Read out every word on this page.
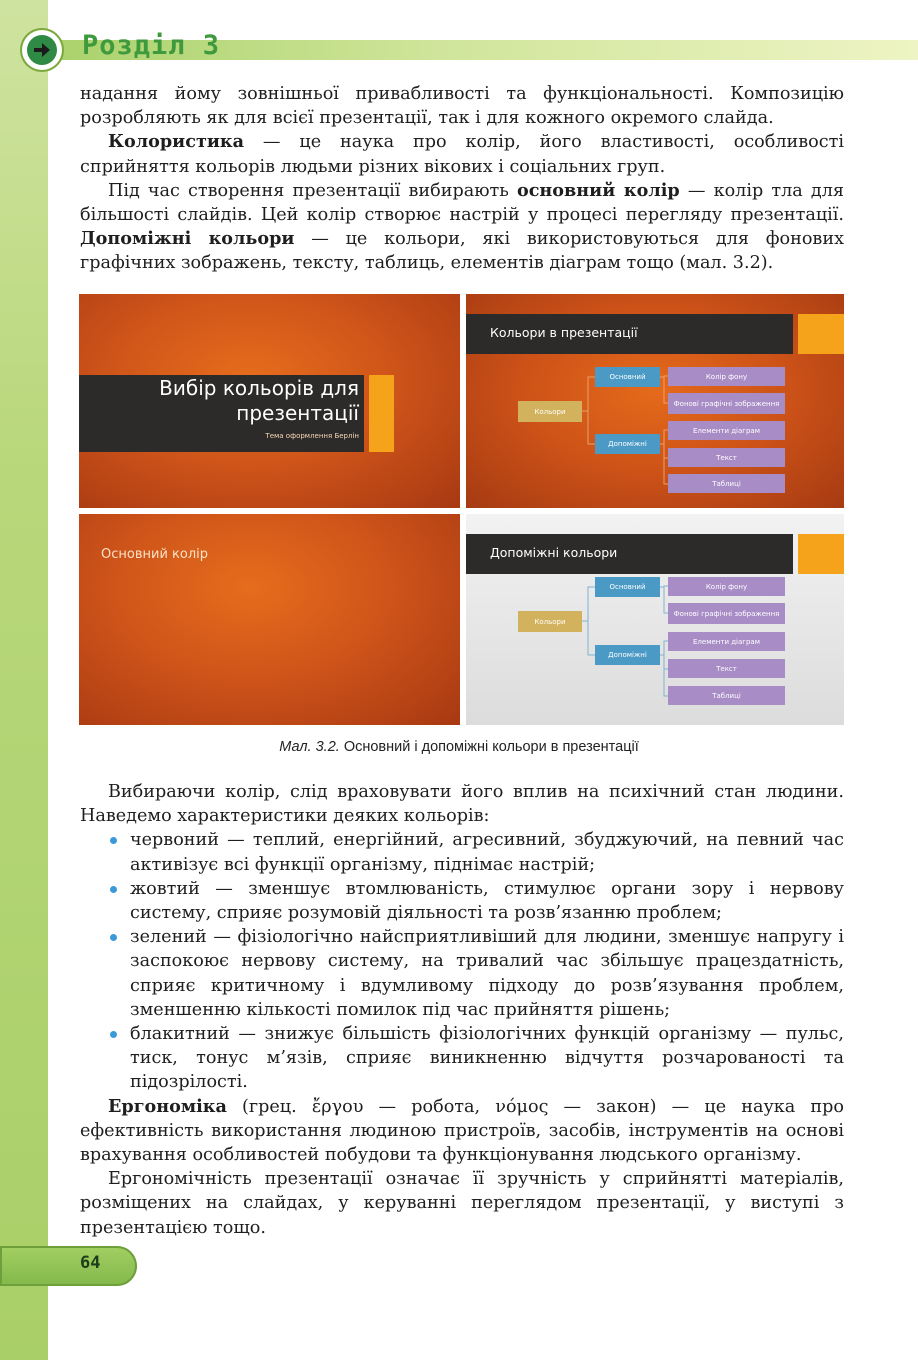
Розділ 3

надання йому зовнішньої привабливості та функціональності. Композицію розробляють як для всієї презентації, так і для кожного окремого слайда.

Колористика — це наука про колір, його властивості, особливості сприйняття кольорів людьми різних вікових і соціальних груп.

Під час створення презентації вибирають основний колір — колір тла для більшості слайдів. Цей колір створює настрій у процесі перегляду презентації. Допоміжні кольори — це кольори, які використовуються для фонових графічних зображень, тексту, таблиць, елементів діаграм тощо (мал. 3.2).

Вибір кольорів для презентації
Тема оформлення Берлін
Кольори в презентації
Кольори
Основний
Допоміжні
Колір фону
Фонові графічні зображення
Елементи діаграм
Текст
Таблиці
Основний колір	Допоміжні кольори
Кольори
Основний
Допоміжні
Колір фону
Фонові графічні зображення
Елементи діаграм
Текст
Таблиці
Мал. 3.2. Основний і допоміжні кольори в презентації

Вибираючи колір, слід враховувати його вплив на психічний стан людини. Наведемо характеристики деяких кольорів:

червоний — теплий, енергійний, агресивний, збуджуючий, на певний час активізує всі функції організму, піднімає настрій;
жовтий — зменшує втомлюваність, стимулює органи зору і нервову систему, сприяє розумовій діяльності та розв’язанню проблем;
зелений — фізіологічно найсприятливіший для людини, зменшує напругу і заспокоює нервову систему, на тривалий час збільшує працездатність, сприяє критичному і вдумливому підходу до розв’язування проблем, зменшенню кількості помилок під час прийняття рішень;
блакитний — знижує більшість фізіологічних функцій організму — пульс, тиск, тонус м’язів, сприяє виникненню відчуття розчарованості та підозрілості.

Ергономіка (грец. ἔργου — робота, νόμος — закон) — це наука про ефективність використання людиною пристроїв, засобів, інструментів на основі врахування особливостей побудови та функціонування людського організму.

Ергономічність презентації означає її зручність у сприйнятті матеріалів, розміщених на слайдах, у керуванні переглядом презентації, у виступі з презентацією тощо.

64
